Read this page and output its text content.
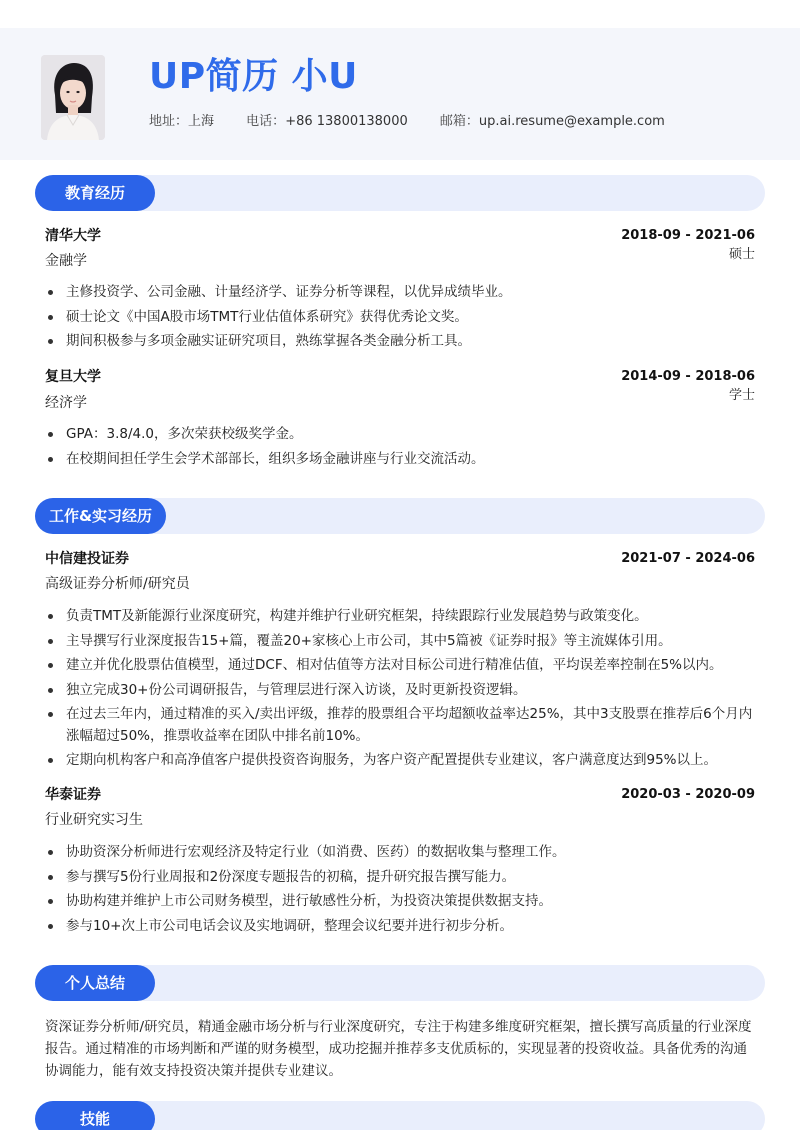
UP简历 小U
地址：上海 电话：+86 13800138000 邮箱：up.ai.resume@example.com
教育经历
清华大学	2018-09 - 2021-06
金融学	硕士
主修投资学、公司金融、计量经济学、证券分析等课程，以优异成绩毕业。
硕士论文《中国A股市场TMT行业估值体系研究》获得优秀论文奖。
期间积极参与多项金融实证研究项目，熟练掌握各类金融分析工具。
复旦大学	2014-09 - 2018-06
经济学	学士
GPA：3.8/4.0，多次荣获校级奖学金。
在校期间担任学生会学术部部长，组织多场金融讲座与行业交流活动。
工作&实习经历
中信建投证券	2021-07 - 2024-06
高级证券分析师/研究员
负责TMT及新能源行业深度研究，构建并维护行业研究框架，持续跟踪行业发展趋势与政策变化。
主导撰写行业深度报告15+篇，覆盖20+家核心上市公司，其中5篇被《证券时报》等主流媒体引用。
建立并优化股票估值模型，通过DCF、相对估值等方法对目标公司进行精准估值，平均误差率控制在5%以内。
独立完成30+份公司调研报告，与管理层进行深入访谈，及时更新投资逻辑。
在过去三年内，通过精准的买入/卖出评级，推荐的股票组合平均超额收益率达25%，其中3支股票在推荐后6个月内涨幅超过50%，推票收益率在团队中排名前10%。
定期向机构客户和高净值客户提供投资咨询服务，为客户资产配置提供专业建议，客户满意度达到95%以上。
华泰证券	2020-03 - 2020-09
行业研究实习生
协助资深分析师进行宏观经济及特定行业（如消费、医药）的数据收集与整理工作。
参与撰写5份行业周报和2份深度专题报告的初稿，提升研究报告撰写能力。
协助构建并维护上市公司财务模型，进行敏感性分析，为投资决策提供数据支持。
参与10+次上市公司电话会议及实地调研，整理会议纪要并进行初步分析。
个人总结
资深证券分析师/研究员，精通金融市场分析与行业深度研究，专注于构建多维度研究框架，擅长撰写高质量的行业深度报告。通过精准的市场判断和严谨的财务模型，成功挖掘并推荐多支优质标的，实现显著的投资收益。具备优秀的沟通协调能力，能有效支持投资决策并提供专业建议。
技能
